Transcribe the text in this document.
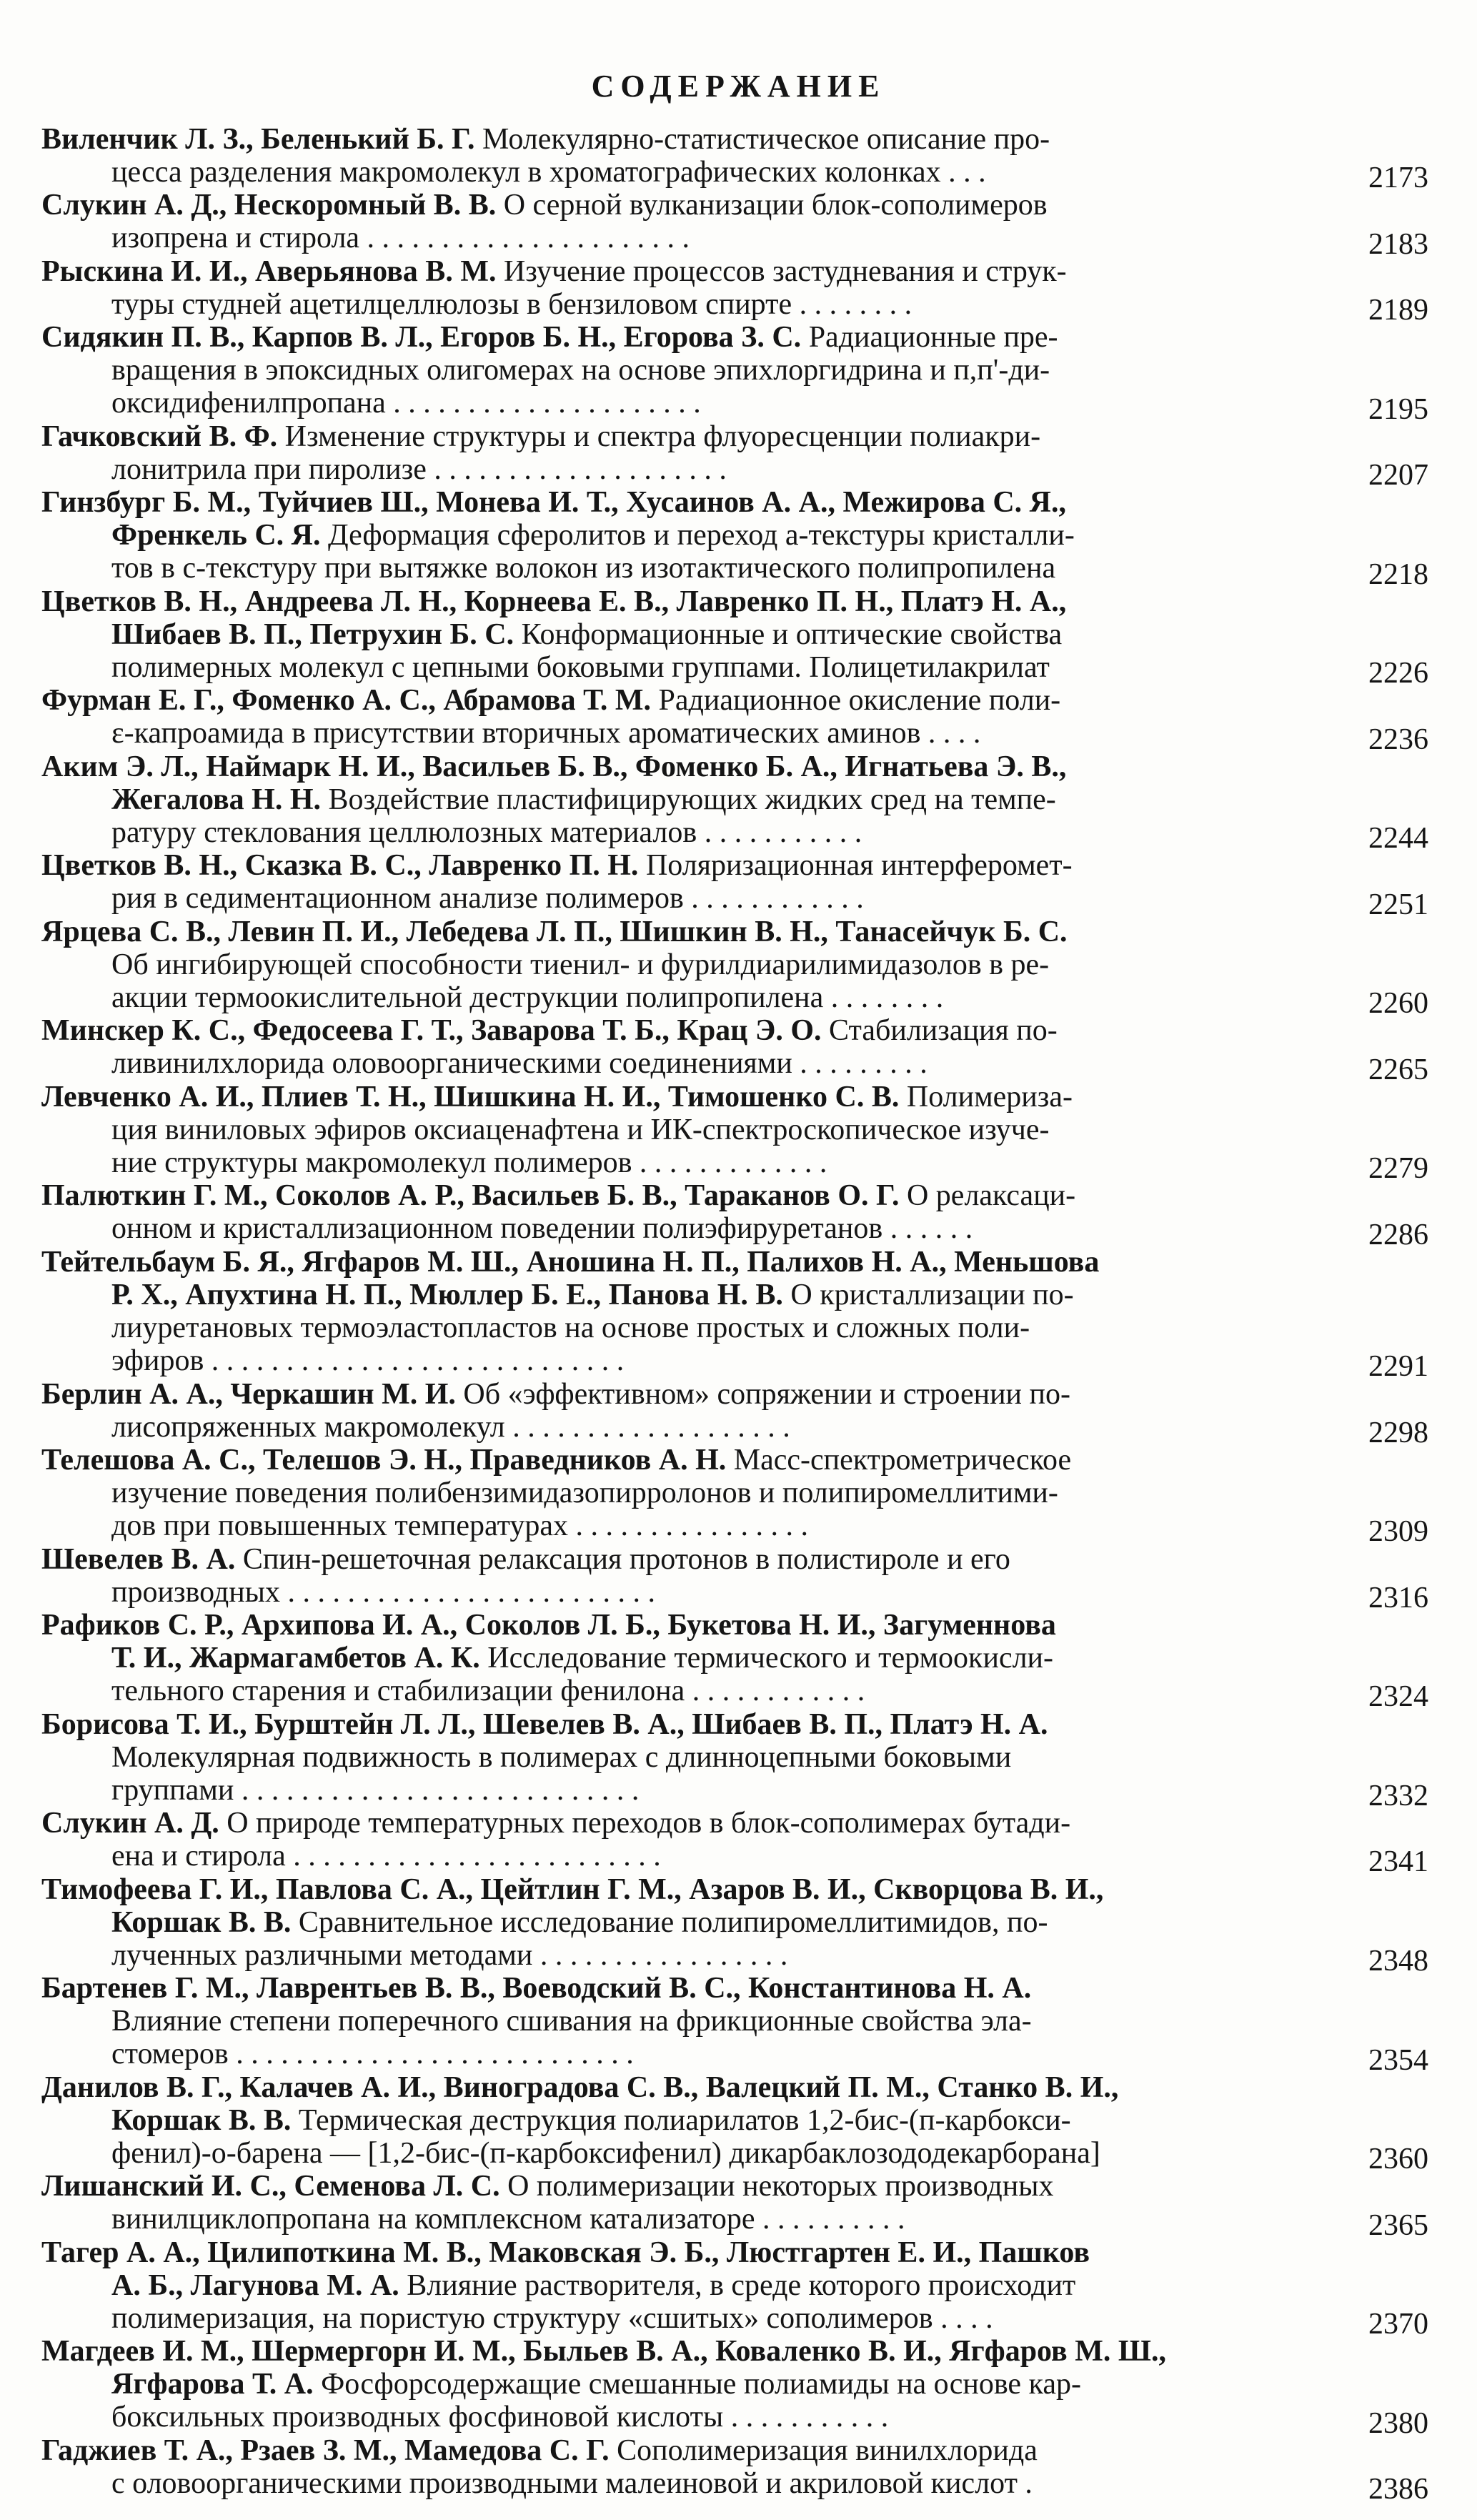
СОДЕРЖАНИЕ
Виленчик Л. З., Беленький Б. Г. Молекулярно-статистическое описание про-
цесса разделения макромолекул в хроматографических колонках . . .	2173
Слукин А. Д., Нескоромный В. В. О серной вулканизации блок-сополимеров
изопрена и стирола . . . . . . . . . . . . . . . . . . . . . .	2183
Рыскина И. И., Аверьянова В. М. Изучение процессов застудневания и струк-
туры студней ацетилцеллюлозы в бензиловом спирте . . . . . . . .	2189
Сидякин П. В., Карпов В. Л., Егоров Б. Н., Егорова З. С. Радиационные пре-
вращения в эпоксидных олигомерах на основе эпихлоргидрина и п,п'-ди-
оксидифенилпропана . . . . . . . . . . . . . . . . . . . . .	2195
Гачковский В. Ф. Изменение структуры и спектра флуоресценции полиакри-
лонитрила при пиролизе . . . . . . . . . . . . . . . . . . . .	2207
Гинзбург Б. М., Туйчиев Ш., Монева И. Т., Хусаинов А. А., Межирова С. Я.,
Френкель С. Я. Деформация сферолитов и переход а-текстуры кристалли-
тов в с-текстуру при вытяжке волокон из изотактического полипропилена	2218
Цветков В. Н., Андреева Л. Н., Корнеева Е. В., Лавренко П. Н., Платэ Н. А.,
Шибаев В. П., Петрухин Б. С. Конформационные и оптические свойства
полимерных молекул с цепными боковыми группами. Полицетилакрилат	2226
Фурман Е. Г., Фоменко А. С., Абрамова Т. М. Радиационное окисление поли-
ε-капроамида в присутствии вторичных ароматических аминов . . . .	2236
Аким Э. Л., Наймарк Н. И., Васильев Б. В., Фоменко Б. А., Игнатьева Э. В.,
Жегалова Н. Н. Воздействие пластифицирующих жидких сред на темпе-
ратуру стеклования целлюлозных материалов . . . . . . . . . . .	2244
Цветков В. Н., Сказка В. С., Лавренко П. Н. Поляризационная интерферомет-
рия в седиментационном анализе полимеров . . . . . . . . . . . .	2251
Ярцева С. В., Левин П. И., Лебедева Л. П., Шишкин В. Н., Танасейчук Б. С.
Об ингибирующей способности тиенил- и фурилдиарилимидазолов в ре-
акции термоокислительной деструкции полипропилена . . . . . . . .	2260
Минскер К. С., Федосеева Г. Т., Заварова Т. Б., Крац Э. О. Стабилизация по-
ливинилхлорида оловоорганическими соединениями . . . . . . . . .	2265
Левченко А. И., Плиев Т. Н., Шишкина Н. И., Тимошенко С. В. Полимериза-
ция виниловых эфиров оксиаценафтена и ИК-спектроскопическое изуче-
ние структуры макромолекул полимеров . . . . . . . . . . . . .	2279
Палюткин Г. М., Соколов А. Р., Васильев Б. В., Тараканов О. Г. О релаксаци-
онном и кристаллизационном поведении полиэфируретанов . . . . . .	2286
Тейтельбаум Б. Я., Ягфаров М. Ш., Аношина Н. П., Палихов Н. А., Меньшова
Р. Х., Апухтина Н. П., Мюллер Б. Е., Панова Н. В. О кристаллизации по-
лиуретановых термоэластопластов на основе простых и сложных поли-
эфиров . . . . . . . . . . . . . . . . . . . . . . . . . . . .	2291
Берлин А. А., Черкашин М. И. Об «эффективном» сопряжении и строении по-
лисопряженных макромолекул . . . . . . . . . . . . . . . . . . .	2298
Телешова А. С., Телешов Э. Н., Праведников А. Н. Масс-спектрометрическое
изучение поведения полибензимидазопирролонов и полипиромеллитими-
дов при повышенных температурах . . . . . . . . . . . . . . . .	2309
Шевелев В. А. Спин-решеточная релаксация протонов в полистироле и его
производных . . . . . . . . . . . . . . . . . . . . . . . . .	2316
Рафиков С. Р., Архипова И. А., Соколов Л. Б., Букетова Н. И., Загуменнова
Т. И., Жармагамбетов А. К. Исследование термического и термоокисли-
тельного старения и стабилизации фенилона . . . . . . . . . . . .	2324
Борисова Т. И., Бурштейн Л. Л., Шевелев В. А., Шибаев В. П., Платэ Н. А.
Молекулярная подвижность в полимерах с длинноцепными боковыми
группами . . . . . . . . . . . . . . . . . . . . . . . . . . .	2332
Слукин А. Д. О природе температурных переходов в блок-сополимерах бутади-
ена и стирола . . . . . . . . . . . . . . . . . . . . . . . . .	2341
Тимофеева Г. И., Павлова С. А., Цейтлин Г. М., Азаров В. И., Скворцова В. И.,
Коршак В. В. Сравнительное исследование полипиромеллитимидов, по-
лученных различными методами . . . . . . . . . . . . . . . . .	2348
Бартенев Г. М., Лаврентьев В. В., Воеводский В. С., Константинова Н. А.
Влияние степени поперечного сшивания на фрикционные свойства эла-
стомеров . . . . . . . . . . . . . . . . . . . . . . . . . . .	2354
Данилов В. Г., Калачев А. И., Виноградова С. В., Валецкий П. М., Станко В. И.,
Коршак В. В. Термическая деструкция полиарилатов 1,2-бис-(п-карбокси-
фенил)-о-барена — [1,2-бис-(п-карбоксифенил) дикарбаклозододекарборана]	2360
Лишанский И. С., Семенова Л. С. О полимеризации некоторых производных
винилциклопропана на комплексном катализаторе . . . . . . . . . .	2365
Тагер А. А., Цилипоткина М. В., Маковская Э. Б., Люстгартен Е. И., Пашков
А. Б., Лагунова М. А. Влияние растворителя, в среде которого происходит
полимеризация, на пористую структуру «сшитых» сополимеров . . . .	2370
Магдеев И. М., Шермергорн И. М., Быльев В. А., Коваленко В. И., Ягфаров М. Ш.,
Ягфарова Т. А. Фосфорсодержащие смешанные полиамиды на основе кар-
боксильных производных фосфиновой кислоты . . . . . . . . . . .	2380
Гаджиев Т. А., Рзаев З. М., Мамедова С. Г. Сополимеризация винилхлорида
с оловоорганическими производными малеиновой и акриловой кислот .	2386
